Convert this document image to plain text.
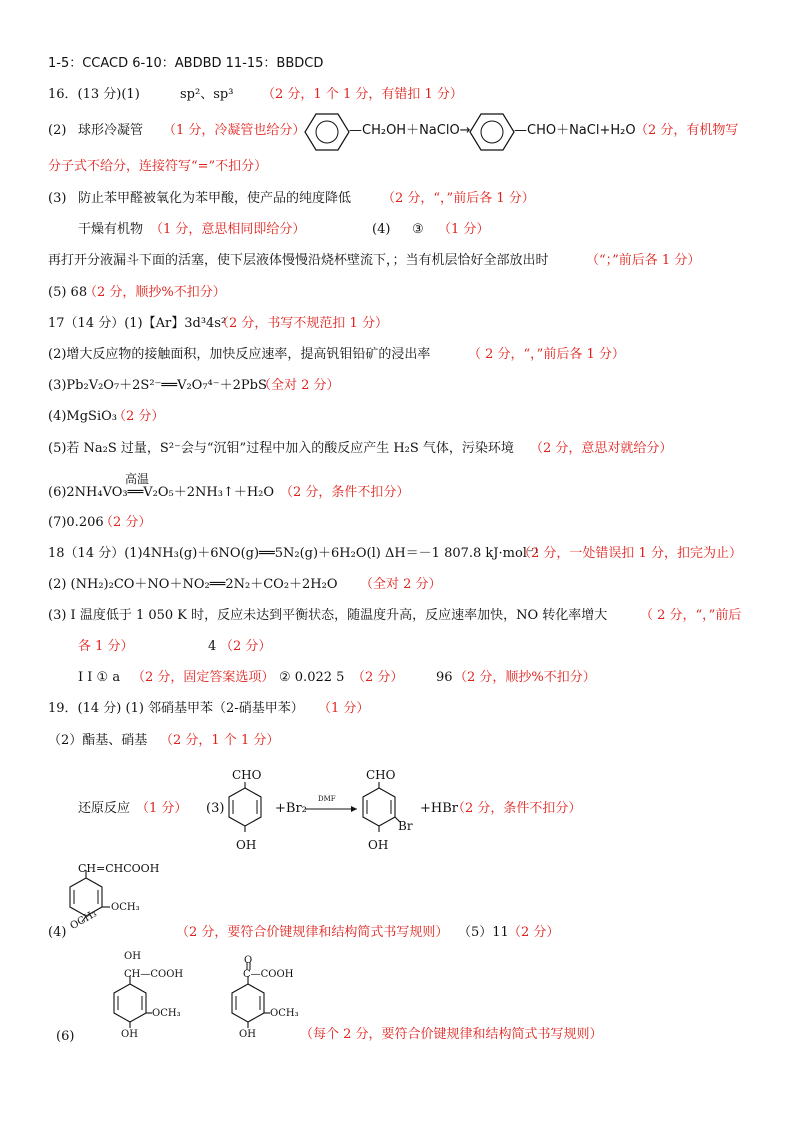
1-5：CCACD 6-10：ABDBD 11-15：BBDCD
16．(13 分)(1)	sp²、sp³ （2 分，1 个 1 分，有错扣 1 分）
(2) 球形冷凝管 （1 分，冷凝管也给分）	—CH₂OH＋NaClO→	—CHO＋NaCl+H₂O （2 分，有机物写
分子式不给分，连接符写“=”不扣分）
(3) 防止苯甲醛被氧化为苯甲酸，使产品的纯度降低 （2 分，“，”前后各 1 分）
干燥有机物 （1 分，意思相同即给分）	(4) ③ （1 分）
再打开分液漏斗下面的活塞，使下层液体慢慢沿烧杯壁流下，；当有机层恰好全部放出时	（“；”前后各 1 分）
(5) 68
（2 分，顺抄%不扣分）
17（14 分）(1)【Ar】3d³4s²
（2 分，书写不规范扣 1 分）
(2)增大反应物的接触面积，加快反应速率，提高钒钼铅矿的浸出率	（ 2 分，“，”前后各 1 分）
(3)Pb₂V₂O₇＋2S²⁻══V₂O₇⁴⁻＋2PbS
（全对 2 分）
(4)MgSiO₃
（2 分）
(5)若 Na₂S 过量，S²⁻会与“沉钼”过程中加入的酸反应产生 H₂S 气体，污染环境 （2 分，意思对就给分）
高温
(6)2NH₄VO₃══V₂O₅＋2NH₃↑＋H₂O （2 分，条件不扣分）
(7)0.206
（2 分）
18（14 分）(1)4NH₃(g)＋6NO(g)══5N₂(g)＋6H₂O(l) ΔH＝－1 807.8 kJ·mol⁻¹
（2 分，一处错误扣 1 分，扣完为止）
(2) (NH₂)₂CO＋NO＋NO₂══2N₂＋CO₂＋2H₂O （全对 2 分）
(3) I 温度低于 1 050 K 时，反应未达到平衡状态，随温度升高，反应速率加快，NO 转化率增大	（ 2 分，“，”前后
各 1 分）	4 （2 分）
I I ① a （2 分，固定答案选项） ② 0.022 5 （2 分）	96 （2 分，顺抄%不扣分）
19．(14 分) (1) 邻硝基甲苯（2-硝基甲苯） （1 分）
（2）酯基、硝基 （2 分，1 个 1 分）
还原反应 （1 分） (3)
CHO
OH
+Br₂
DMF
CHO
Br
OH
+HBr
（2 分，条件不扣分）
CH=CHCOOH
OCH₃
OCH₃
(4)	（2 分，要符合价键规律和结构简式书写规则） （5）11 （2 分）
OH
CH—COOH
OCH₃
OH
O
C—COOH
OCH₃
OH
(6)	（每个 2 分，要符合价键规律和结构简式书写规则）
